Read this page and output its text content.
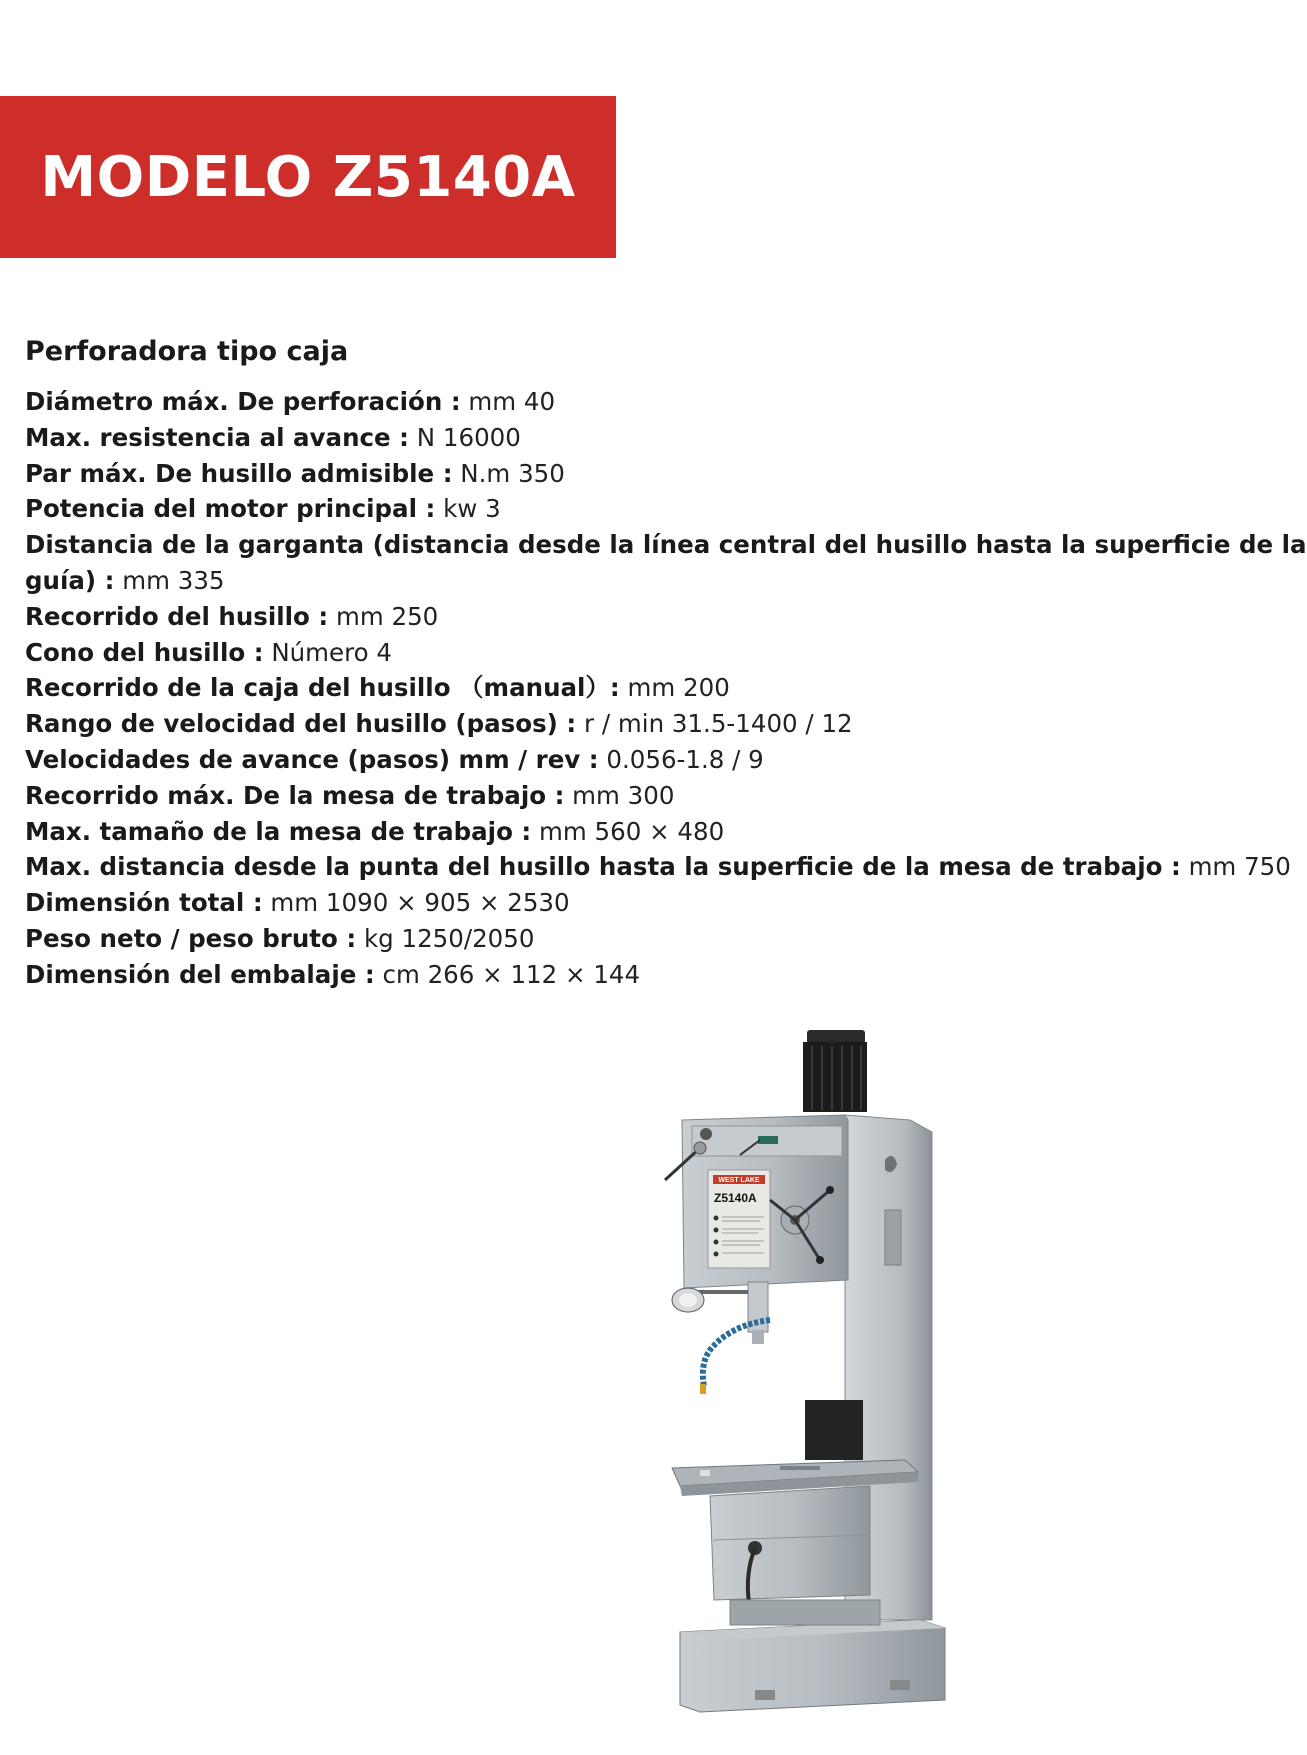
MODELO Z5140A
Perforadora tipo caja
Diámetro máx. De perforación : mm 40
Max. resistencia al avance : N 16000
Par máx. De husillo admisible : N.m 350
Potencia del motor principal : kw 3
Distancia de la garganta (distancia desde la línea central del husillo hasta la superficie de la
guía) : mm 335
Recorrido del husillo : mm 250
Cono del husillo : Número 4
Recorrido de la caja del husillo （manual）: mm 200
Rango de velocidad del husillo (pasos) : r / min 31.5-1400 / 12
Velocidades de avance (pasos) mm / rev : 0.056-1.8 / 9
Recorrido máx. De la mesa de trabajo : mm 300
Max. tamaño de la mesa de trabajo : mm 560 × 480
Max. distancia desde la punta del husillo hasta la superficie de la mesa de trabajo : mm 750
Dimensión total : mm 1090 × 905 × 2530
Peso neto / peso bruto : kg 1250/2050
Dimensión del embalaje : cm 266 × 112 × 144
WEST LAKE
Z5140A
